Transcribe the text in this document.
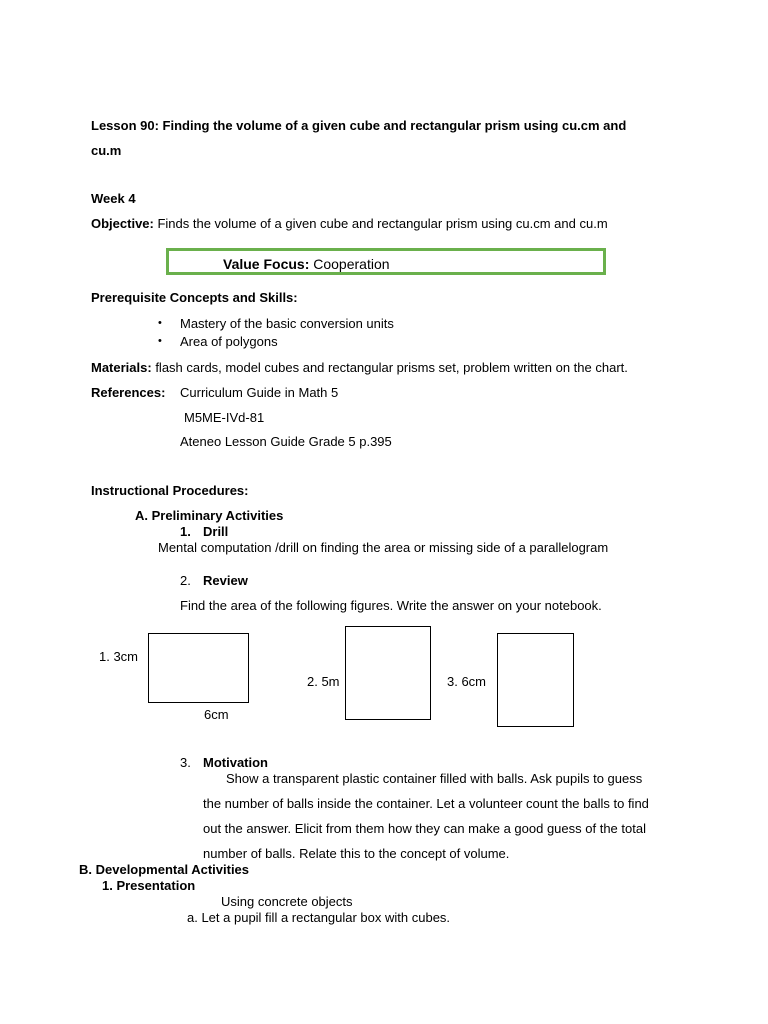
Lesson 90: Finding the volume of a given cube and rectangular prism using cu.cm and
cu.m
Week 4
Objective: Finds the volume of a given cube and rectangular prism using cu.cm and cu.m
Value Focus: Cooperation
Prerequisite Concepts and Skills:
• Mastery of the basic conversion units
• Area of polygons
Materials: flash cards, model cubes and rectangular prisms set, problem written on the chart.
References: Curriculum Guide in Math 5
M5ME-IVd-81
Ateneo Lesson Guide Grade 5 p.395
Instructional Procedures:
A. Preliminary Activities
1. Drill
Mental computation /drill on finding the area or missing side of a parallelogram
2. Review
Find the area of the following figures. Write the answer on your notebook.
1. 3cm
6cm
2. 5m	3. 6cm
3. Motivation
Show a transparent plastic container filled with balls. Ask pupils to guess
the number of balls inside the container. Let a volunteer count the balls to find
out the answer. Elicit from them how they can make a good guess of the total
number of balls. Relate this to the concept of volume.
B. Developmental Activities
1. Presentation
Using concrete objects
a. Let a pupil fill a rectangular box with cubes.
